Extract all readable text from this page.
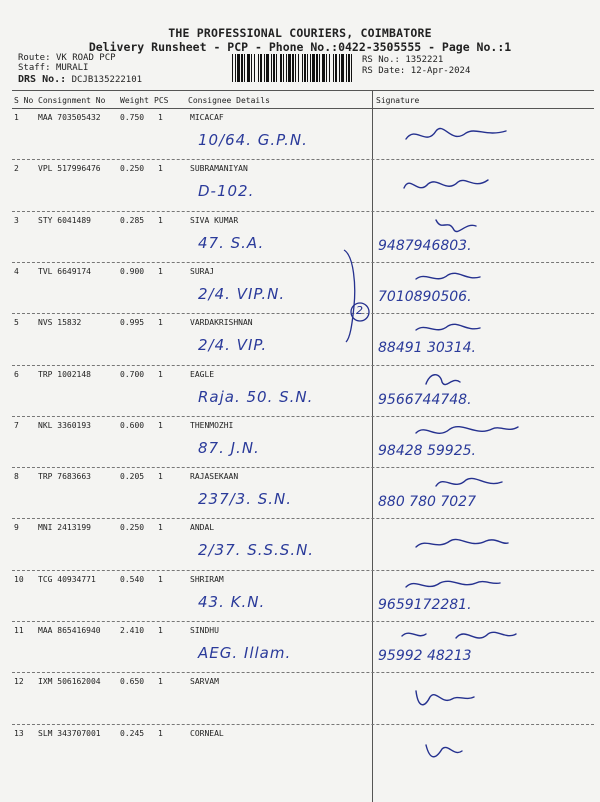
THE PROFESSIONAL COURIERS, COIMBATORE
Delivery Runsheet - PCP - Phone No.:0422-3505555 - Page No.:1
Route: VK ROAD PCP
Staff: MURALI
DRS No.: DCJB135222101
RS No.: 1352221
RS Date: 12-Apr-2024
S No Consignment No Weight PCS Consignee Details	Signature
1 MAA 703505432 0.750 1	MICACAF
10/64. G.P.N.
2 VPL 517996476 0.250 1	SUBRAMANIYAN
D-102.
3 STY 6041489	0.285 1	SIVA KUMAR
47. S.A.	9487946803.
4 TVL 6649174	0.900 1	SURAJ
2/4. VIP.N.	7010890506.
5 NVS 15832	0.995 1	VARDAKRISHNAN
2/4. VIP.	88491 30314.
6 TRP 1002148	0.700 1	EAGLE
Raja. 50. S.N.	9566744748.
7 NKL 3360193	0.600 1	THENMOZHI
87. J.N.	98428 59925.
8 TRP 7683663	0.205 1	RAJASEKAAN
237/3. S.N.	880 780 7027
9 MNI 2413199	0.250 1	ANDAL
2/37. S.S.S.N.
10 TCG 40934771	0.540 1	SHRIRAM
43. K.N.	9659172281.
11 MAA 865416940 2.410 1	SINDHU
AEG. Illam.	95992 48213
12 IXM 506162004 0.650 1	SARVAM
13 SLM 343707001 0.245 1	CORNEAL
2
